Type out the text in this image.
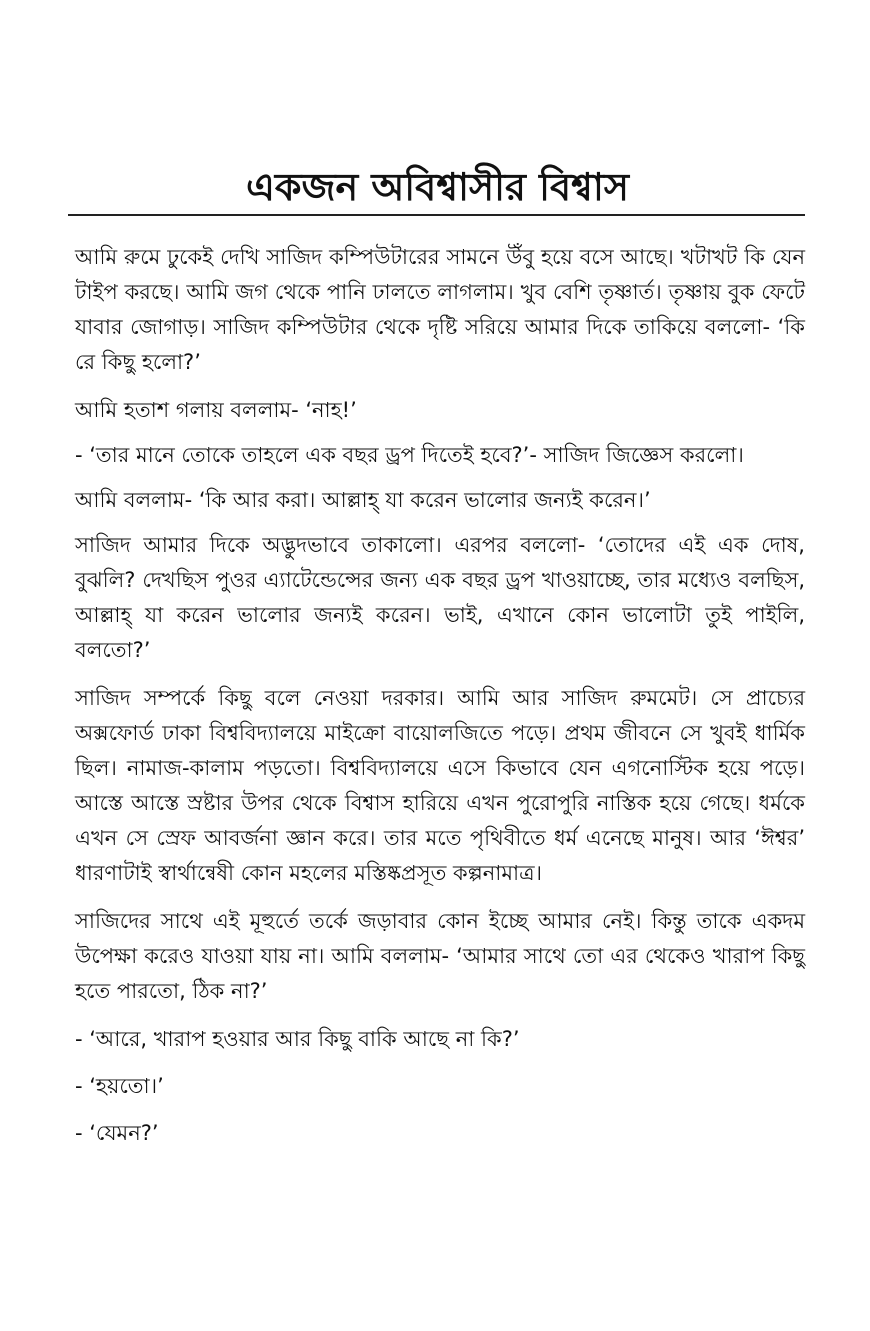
একজন অবিশ্বাসীর বিশ্বাস

আমি রুমে ঢুকেই দেখি সাজিদ কম্পিউটারের সামনে উঁবু হয়ে বসে আছে। খটাখট কি যেন টাইপ করছে। আমি জগ থেকে পানি ঢালতে লাগলাম। খুব বেশি তৃষ্ণার্ত। তৃষ্ণায় বুক ফেটে যাবার জোগাড়। সাজিদ কম্পিউটার থেকে দৃষ্টি সরিয়ে আমার দিকে তাকিয়ে বললো- ‘কি রে কিছু হলো?’

আমি হতাশ গলায় বললাম- ‘নাহ!’

- ‘তার মানে তোকে তাহলে এক বছর ড্রপ দিতেই হবে?’- সাজিদ জিজ্ঞেস করলো।

আমি বললাম- ‘কি আর করা। আল্লাহ্ যা করেন ভালোর জন্যই করেন।’

সাজিদ আমার দিকে অদ্ভুদভাবে তাকালো। এরপর বললো- ‘তোদের এই এক দোষ, বুঝলি? দেখছিস পুওর এ্যাটেন্ডেন্সের জন্য এক বছর ড্রপ খাওয়াচ্ছে, তার মধ্যেও বলছিস, আল্লাহ্ যা করেন ভালোর জন্যই করেন। ভাই, এখানে কোন ভালোটা তুই পাইলি, বলতো?’

সাজিদ সম্পর্কে কিছু বলে নেওয়া দরকার। আমি আর সাজিদ রুমমেট। সে প্রাচ্যের অক্সফোর্ড ঢাকা বিশ্ববিদ্যালয়ে মাইক্রো বায়োলজিতে পড়ে। প্রথম জীবনে সে খুবই ধার্মিক ছিল। নামাজ-কালাম পড়তো। বিশ্ববিদ্যালয়ে এসে কিভাবে যেন এগনোস্টিক হয়ে পড়ে। আস্তে আস্তে স্রষ্টার উপর থেকে বিশ্বাস হারিয়ে এখন পুরোপুরি নাস্তিক হয়ে গেছে। ধর্মকে এখন সে স্রেফ আবর্জনা জ্ঞান করে। তার মতে পৃথিবীতে ধর্ম এনেছে মানুষ। আর ‘ঈশ্বর’ ধারণাটাই স্বার্থান্বেষী কোন মহলের মস্তিষ্কপ্রসূত কল্পনামাত্র।

সাজিদের সাথে এই মূহুর্তে তর্কে জড়াবার কোন ইচ্ছে আমার নেই। কিন্তু তাকে একদম উপেক্ষা করেও যাওয়া যায় না। আমি বললাম- ‘আমার সাথে তো এর থেকেও খারাপ কিছু হতে পারতো, ঠিক না?’

- ‘আরে, খারাপ হওয়ার আর কিছু বাকি আছে না কি?’

- ‘হয়তো।’

- ‘যেমন?’
